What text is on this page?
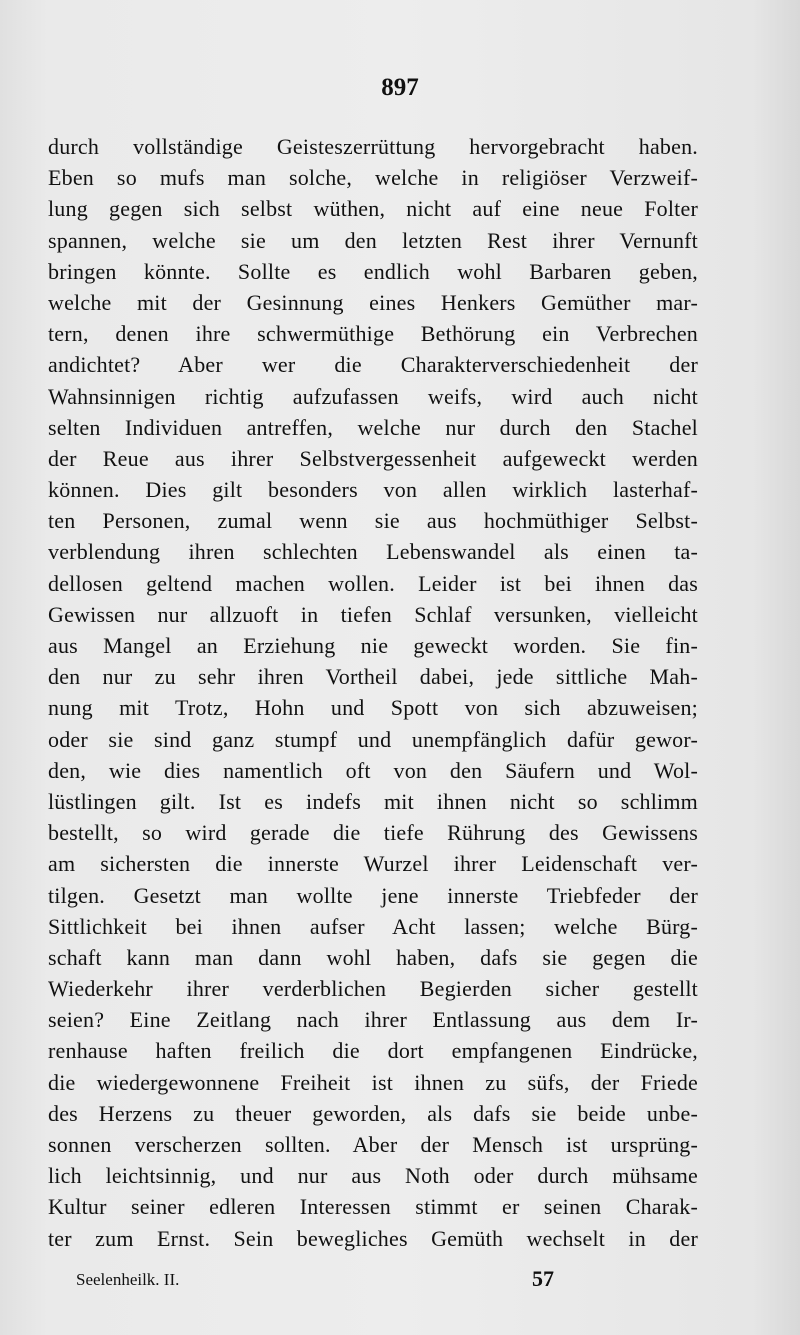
897
durch vollständige Geisteszerrüttung hervorgebracht haben.
Eben so mufs man solche, welche in religiöser Verzweif-
lung gegen sich selbst wüthen, nicht auf eine neue Folter
spannen, welche sie um den letzten Rest ihrer Vernunft
bringen könnte. Sollte es endlich wohl Barbaren geben,
welche mit der Gesinnung eines Henkers Gemüther mar-
tern, denen ihre schwermüthige Bethörung ein Verbrechen
andichtet? Aber wer die Charakterverschiedenheit der
Wahnsinnigen richtig aufzufassen weifs, wird auch nicht
selten Individuen antreffen, welche nur durch den Stachel
der Reue aus ihrer Selbstvergessenheit aufgeweckt werden
können. Dies gilt besonders von allen wirklich lasterhaf-
ten Personen, zumal wenn sie aus hochmüthiger Selbst-
verblendung ihren schlechten Lebenswandel als einen ta-
dellosen geltend machen wollen. Leider ist bei ihnen das
Gewissen nur allzuoft in tiefen Schlaf versunken, vielleicht
aus Mangel an Erziehung nie geweckt worden. Sie fin-
den nur zu sehr ihren Vortheil dabei, jede sittliche Mah-
nung mit Trotz, Hohn und Spott von sich abzuweisen;
oder sie sind ganz stumpf und unempfänglich dafür gewor-
den, wie dies namentlich oft von den Säufern und Wol-
lüstlingen gilt. Ist es indefs mit ihnen nicht so schlimm
bestellt, so wird gerade die tiefe Rührung des Gewissens
am sichersten die innerste Wurzel ihrer Leidenschaft ver-
tilgen. Gesetzt man wollte jene innerste Triebfeder der
Sittlichkeit bei ihnen aufser Acht lassen; welche Bürg-
schaft kann man dann wohl haben, dafs sie gegen die
Wiederkehr ihrer verderblichen Begierden sicher gestellt
seien? Eine Zeitlang nach ihrer Entlassung aus dem Ir-
renhause haften freilich die dort empfangenen Eindrücke,
die wiedergewonnene Freiheit ist ihnen zu süfs, der Friede
des Herzens zu theuer geworden, als dafs sie beide unbe-
sonnen verscherzen sollten. Aber der Mensch ist ursprüng-
lich leichtsinnig, und nur aus Noth oder durch mühsame
Kultur seiner edleren Interessen stimmt er seinen Charak-
ter zum Ernst. Sein bewegliches Gemüth wechselt in der
Seelenheilk. II.	57
